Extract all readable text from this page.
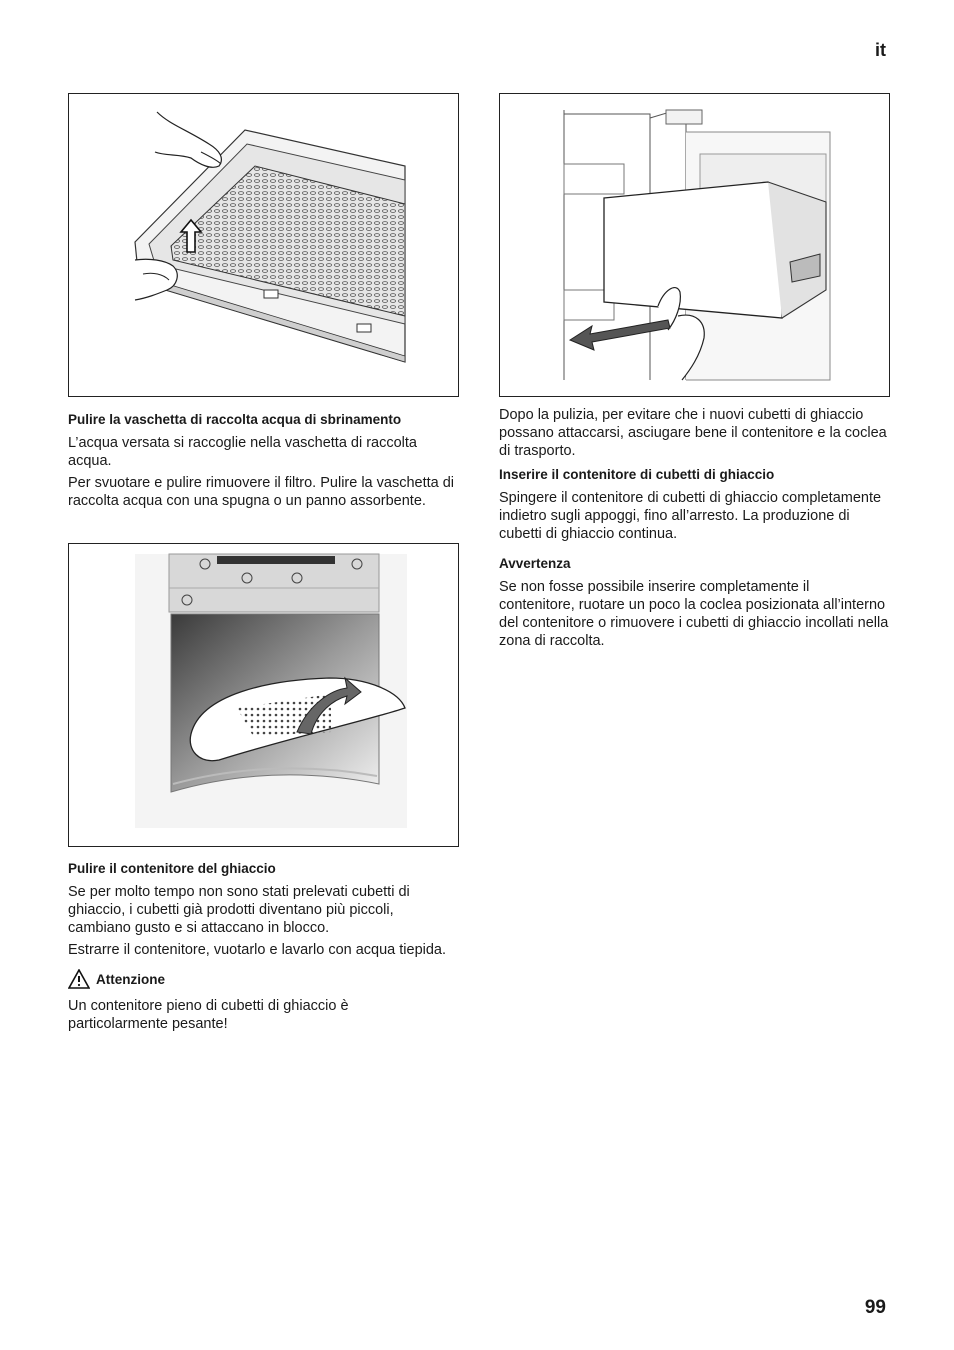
it
Pulire la vaschetta di raccolta acqua di sbrinamento

L’acqua versata si raccoglie nella vaschetta di raccolta acqua.

Per svuotare e pulire rimuovere il filtro. Pulire la vaschetta di raccolta acqua con una spugna o un panno assorbente.

Pulire il contenitore del ghiaccio

Se per molto tempo non sono stati prelevati cubetti di ghiaccio, i cubetti già prodotti diventano più piccoli, cambiano gusto e si attaccano in blocco.

Estrarre il contenitore, vuotarlo e lavarlo con acqua tiepida.

Attenzione

Un contenitore pieno di cubetti di ghiaccio è particolarmente pesante!

Dopo la pulizia, per evitare che i nuovi cubetti di ghiaccio possano attaccarsi, asciugare bene il contenitore e la coclea di trasporto.

Inserire il contenitore di cubetti di ghiaccio

Spingere il contenitore di cubetti di ghiaccio completamente indietro sugli appoggi, fino all’arresto. La produzione di cubetti di ghiaccio continua.

Avvertenza

Se non fosse possibile inserire completamente il contenitore, ruotare un poco la coclea posizionata all’interno del contenitore o rimuovere i cubetti di ghiaccio incollati nella zona di raccolta.

99
